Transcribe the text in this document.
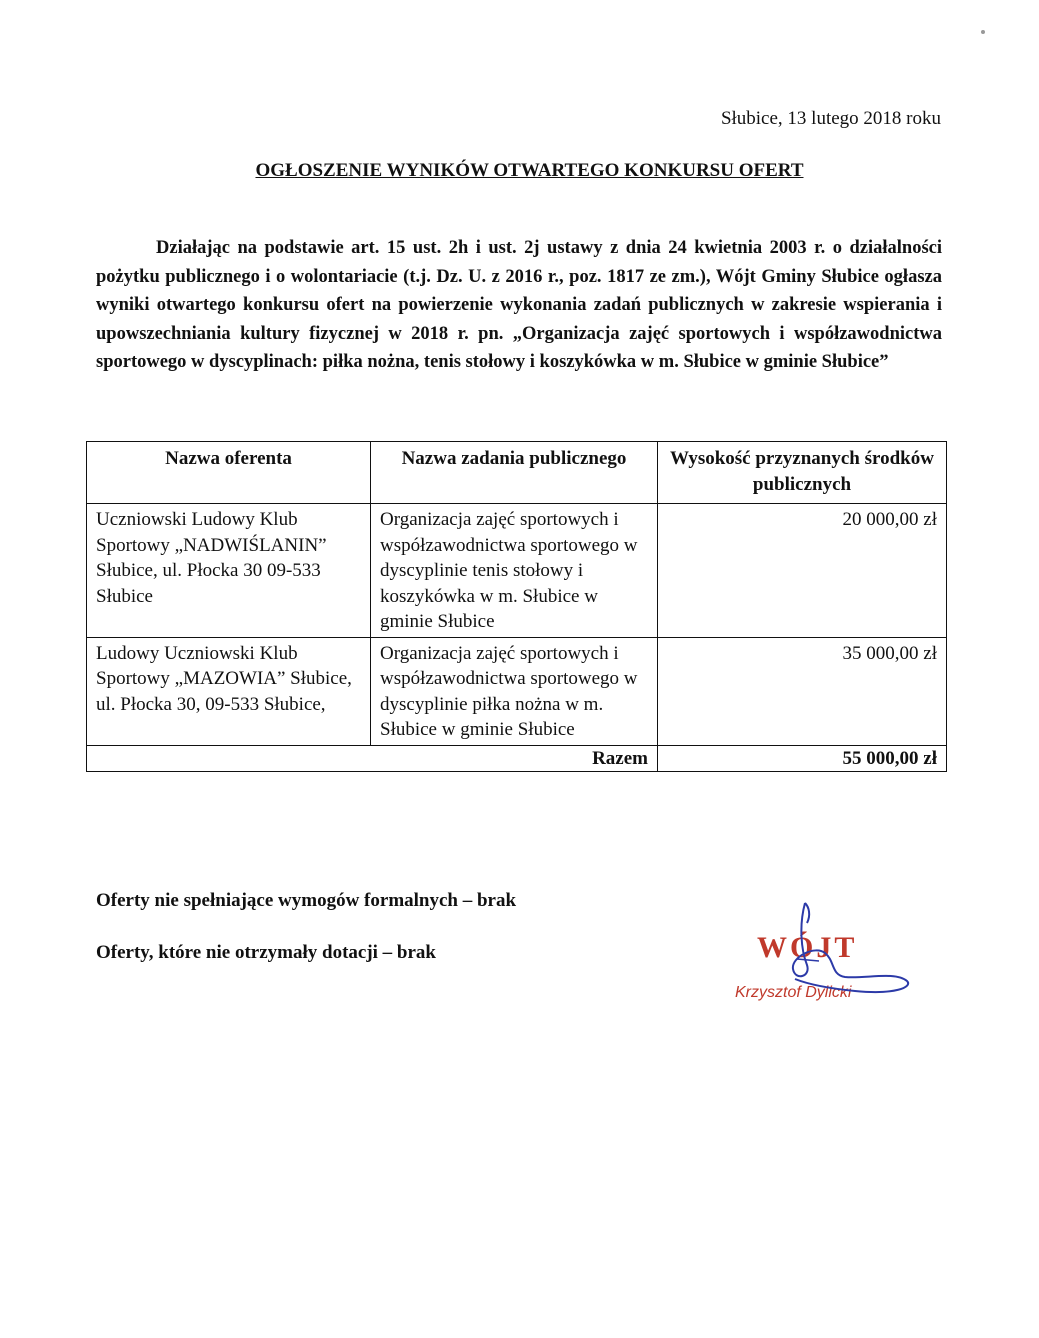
Słubice, 13 lutego 2018 roku
OGŁOSZENIE WYNIKÓW OTWARTEGO KONKURSU OFERT

Działając na podstawie art. 15 ust. 2h i ust. 2j ustawy z dnia 24 kwietnia 2003 r. o działalności pożytku publicznego i o wolontariacie (t.j. Dz. U. z 2016 r., poz. 1817 ze zm.), Wójt Gminy Słubice ogłasza wyniki otwartego konkursu ofert na powierzenie wykonania zadań publicznych w zakresie wspierania i upowszechniania kultury fizycznej w 2018 r. pn. „Organizacja zajęć sportowych i współzawodnictwa sportowego w dyscyplinach: piłka nożna, tenis stołowy i koszykówka w m. Słubice w gminie Słubice”

Nazwa oferenta	Nazwa zadania publicznego	Wysokość przyznanych środków publicznych
Uczniowski Ludowy Klub Sportowy „NADWIŚLANIN” Słubice, ul. Płocka 30 09-533 Słubice	Organizacja zajęć sportowych i współzawodnictwa sportowego w dyscyplinie tenis stołowy i koszykówka w m. Słubice w gminie Słubice	20 000,00 zł
Ludowy Uczniowski Klub Sportowy „MAZOWIA” Słubice, ul. Płocka 30, 09-533 Słubice,	Organizacja zajęć sportowych i współzawodnictwa sportowego w dyscyplinie piłka nożna w m. Słubice w gminie Słubice	35 000,00 zł
Razem		55 000,00 zł
Oferty nie spełniające wymogów formalnych – brak
Oferty, które nie otrzymały dotacji – brak	WÓJT
Krzysztof Dylicki
